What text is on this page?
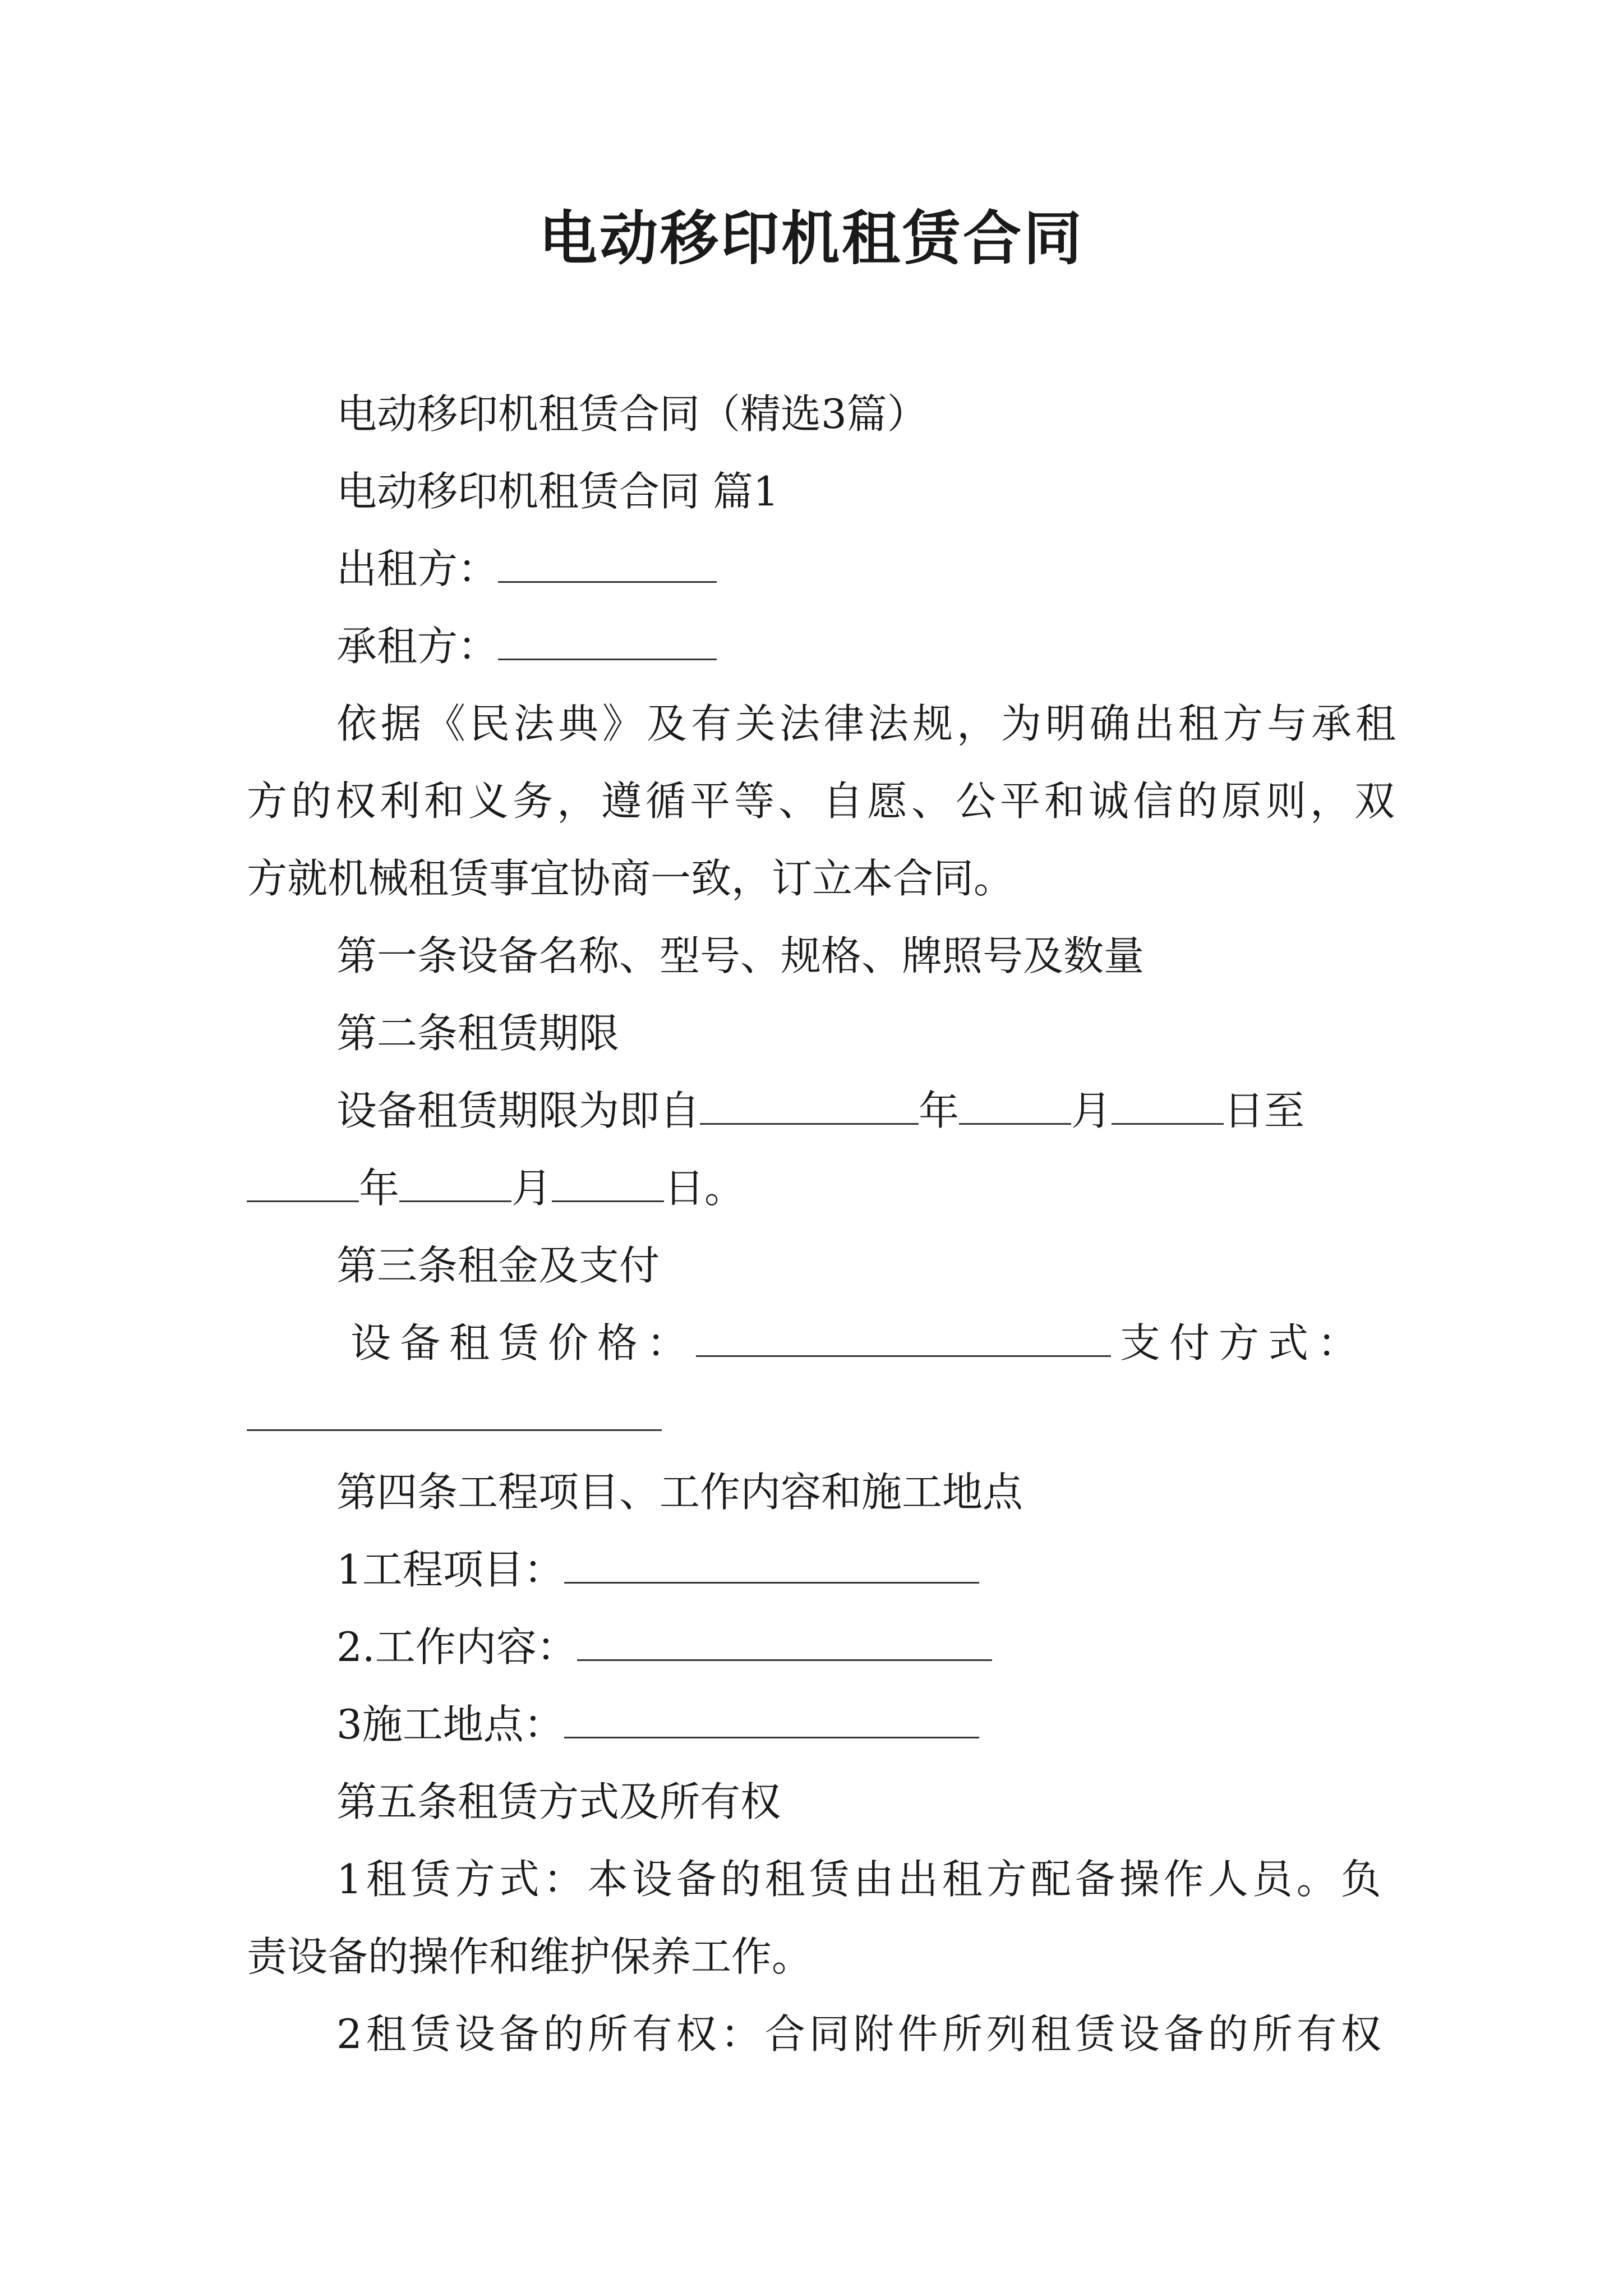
电动移印机租赁合同

电动移印机租赁合同（精选3篇）

电动移印机租赁合同 篇1

出租方：

承租方：

依据《民法典》及有关法律法规，为明确出租方与承租

方的权利和义务，遵循平等、自愿、公平和诚信的原则，双

方就机械租赁事宜协商一致，订立本合同。

第一条设备名称、型号、规格、牌照号及数量

第二条租赁期限

设备租赁期限为即自	年	月	日至

年	月	日。

第三条租金及支付

设备租赁价格：	支付方式：

第四条工程项目、工作内容和施工地点

1工程项目：

2.工作内容：

3施工地点：

第五条租赁方式及所有权

1租赁方式：本设备的租赁由出租方配备操作人员。负

责设备的操作和维护保养工作。

2租赁设备的所有权：合同附件所列租赁设备的所有权
